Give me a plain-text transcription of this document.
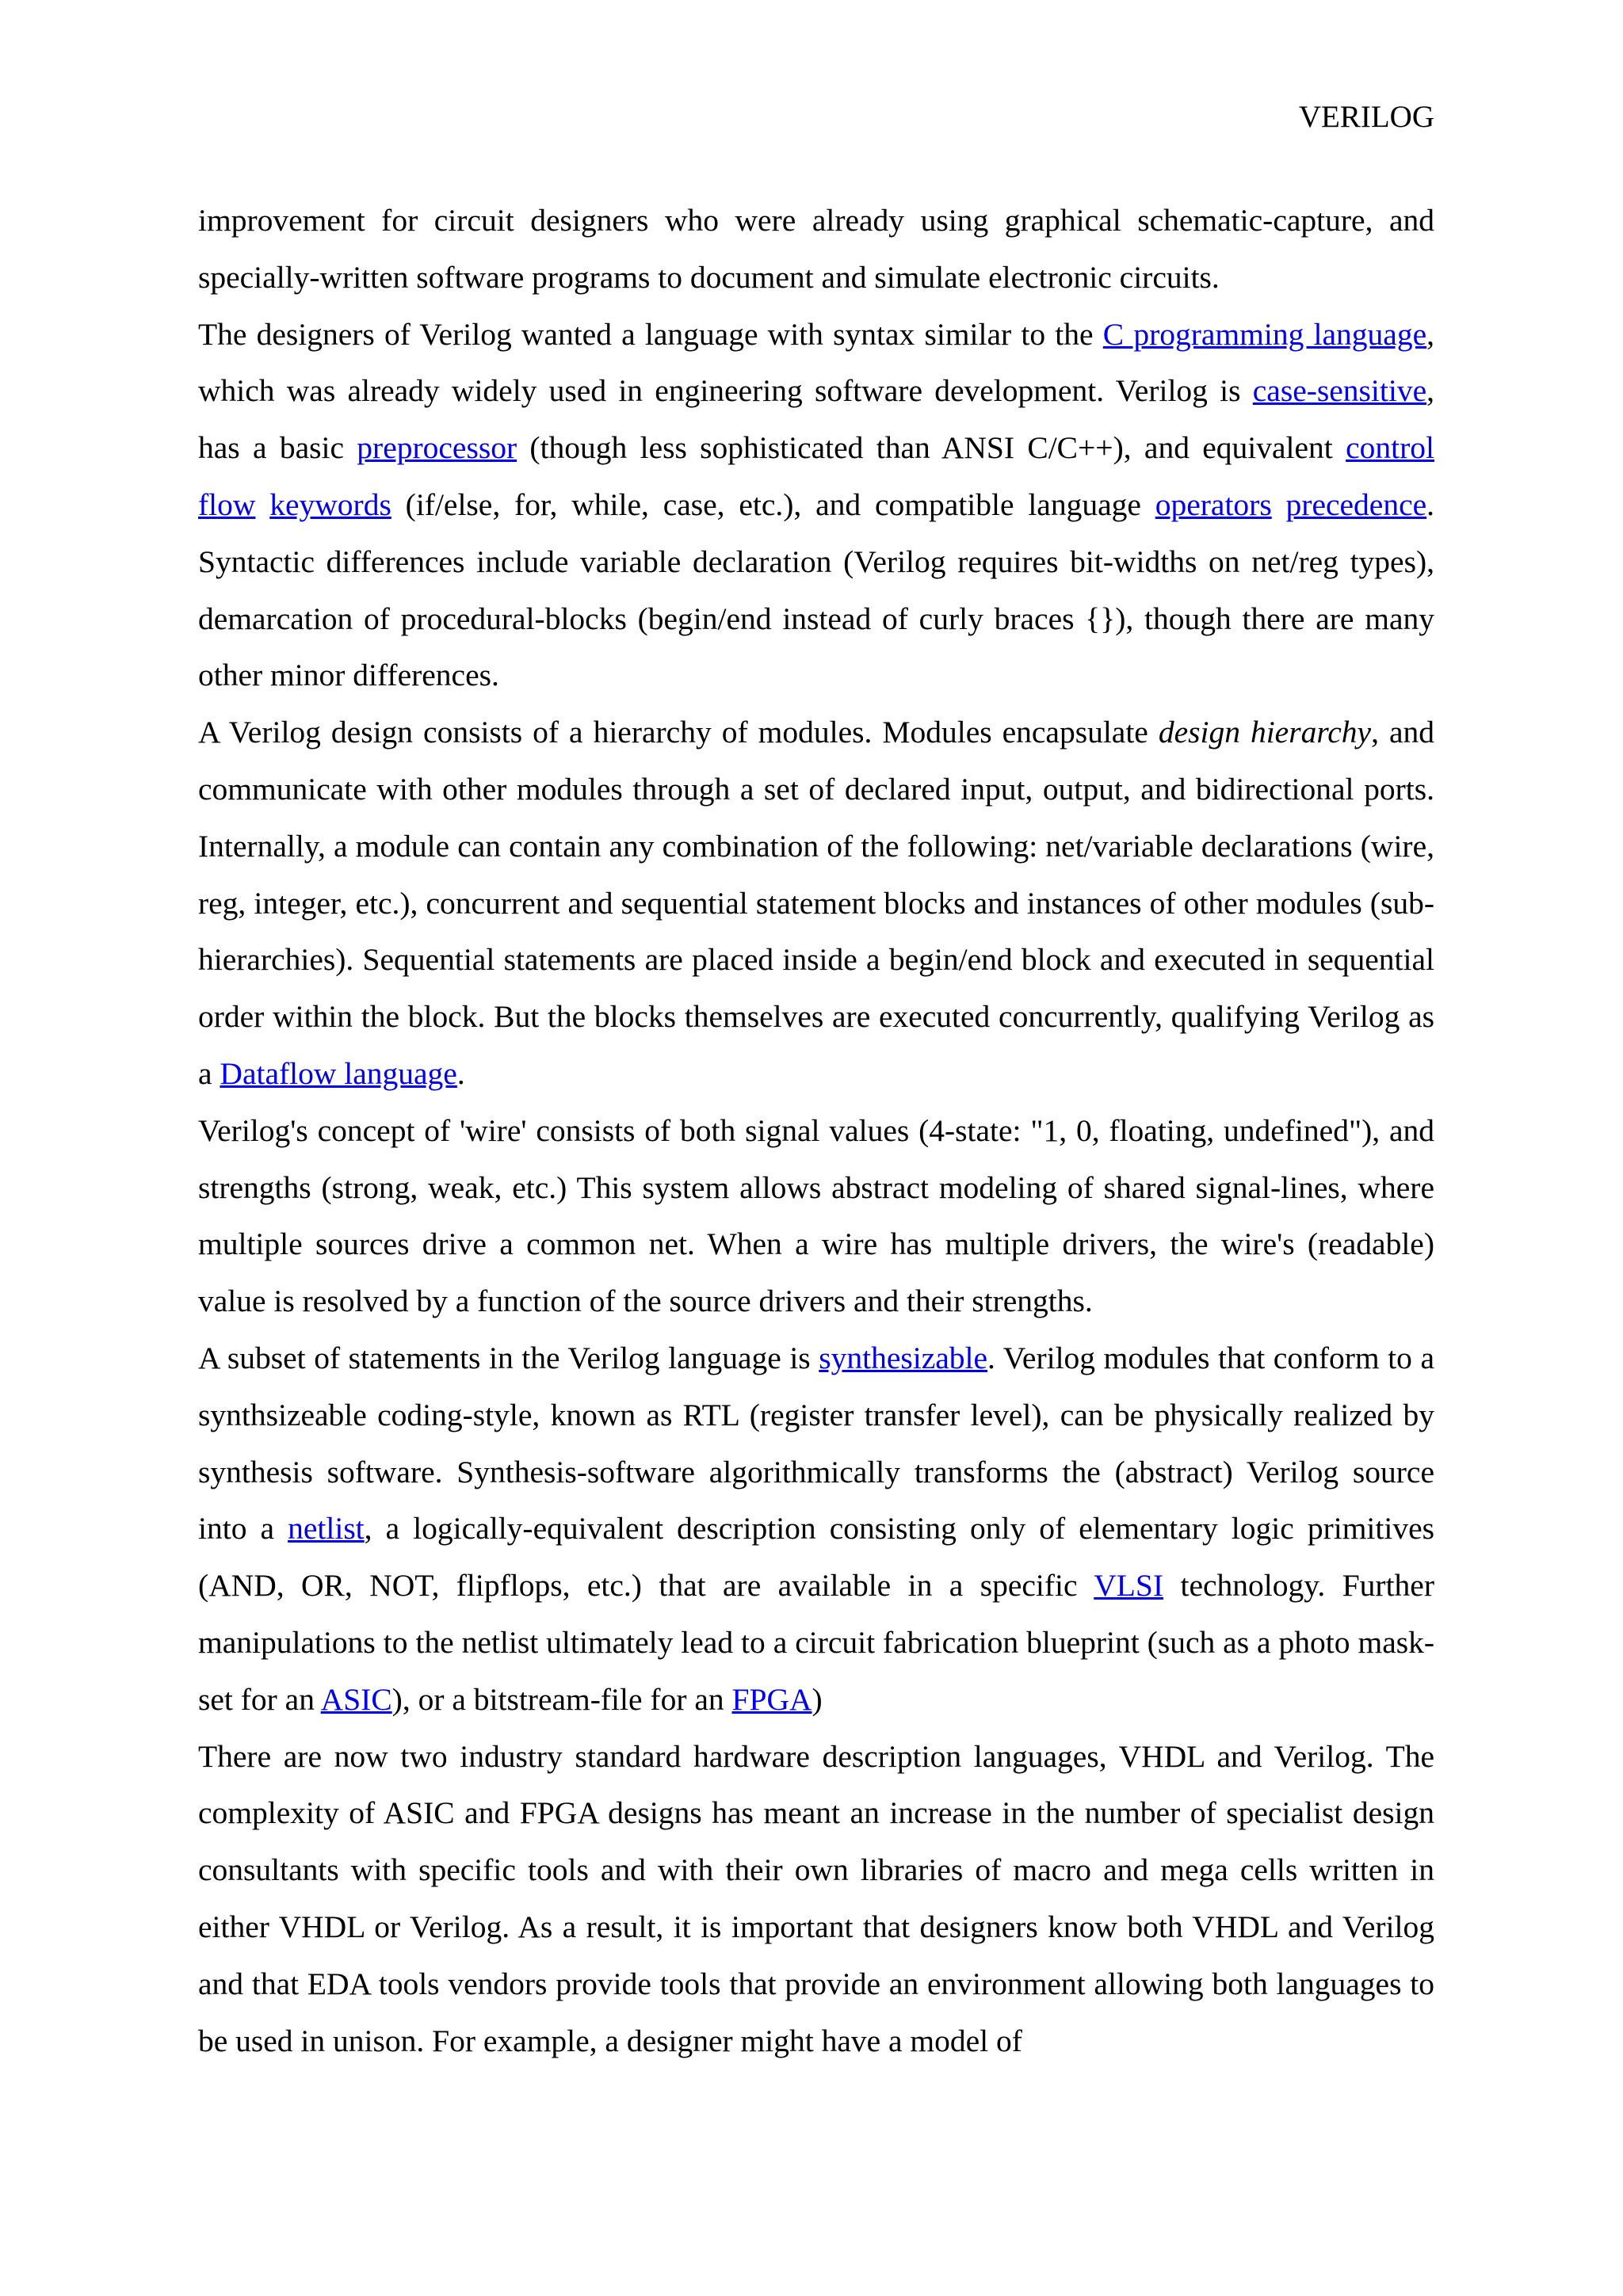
VERILOG

improvement for circuit designers who were already using graphical schematic-capture, and specially-written software programs to document and simulate electronic circuits.

The designers of Verilog wanted a language with syntax similar to the C programming language, which was already widely used in engineering software development. Verilog is case-sensitive, has a basic preprocessor (though less sophisticated than ANSI C/C++), and equivalent control flow keywords (if/else, for, while, case, etc.), and compatible language operators precedence. Syntactic differences include variable declaration (Verilog requires bit-widths on net/reg types), demarcation of procedural-blocks (begin/end instead of curly braces {}), though there are many other minor differences.

A Verilog design consists of a hierarchy of modules. Modules encapsulate design hierarchy, and communicate with other modules through a set of declared input, output, and bidirectional ports. Internally, a module can contain any combination of the following: net/variable declarations (wire, reg, integer, etc.), concurrent and sequential statement blocks and instances of other modules (sub-hierarchies). Sequential statements are placed inside a begin/end block and executed in sequential order within the block. But the blocks themselves are executed concurrently, qualifying Verilog as a Dataflow language.

Verilog's concept of 'wire' consists of both signal values (4-state: "1, 0, floating, undefined"), and strengths (strong, weak, etc.) This system allows abstract modeling of shared signal-lines, where multiple sources drive a common net. When a wire has multiple drivers, the wire's (readable) value is resolved by a function of the source drivers and their strengths.

A subset of statements in the Verilog language is synthesizable. Verilog modules that conform to a synthsizeable coding-style, known as RTL (register transfer level), can be physically realized by synthesis software. Synthesis-software algorithmically transforms the (abstract) Verilog source into a netlist, a logically-equivalent description consisting only of elementary logic primitives (AND, OR, NOT, flipflops, etc.) that are available in a specific VLSI technology. Further manipulations to the netlist ultimately lead to a circuit fabrication blueprint (such as a photo mask-set for an ASIC), or a bitstream-file for an FPGA)

There are now two industry standard hardware description languages, VHDL and Verilog. The complexity of ASIC and FPGA designs has meant an increase in the number of specialist design consultants with specific tools and with their own libraries of macro and mega cells written in either VHDL or Verilog. As a result, it is important that designers know both VHDL and Verilog and that EDA tools vendors provide tools that provide an environment allowing both languages to be used in unison. For example, a designer might have a model of
